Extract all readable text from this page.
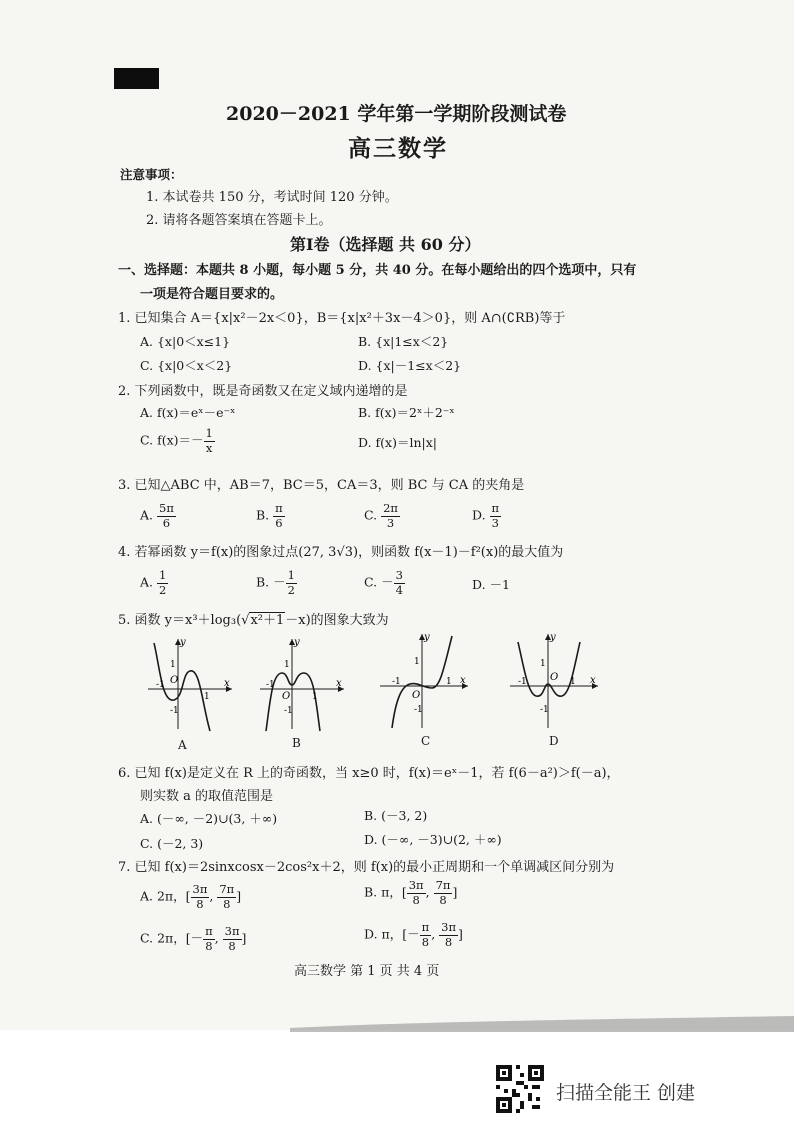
2020－2021 学年第一学期阶段测试卷
高三数学
注意事项：
1. 本试卷共 150 分，考试时间 120 分钟。
2. 请将各题答案填在答题卡上。
第Ⅰ卷（选择题 共 60 分）
一、选择题：本题共 8 小题，每小题 5 分，共 40 分。在每小题给出的四个选项中，只有
一项是符合题目要求的。
1. 已知集合 A＝{x|x²－2x＜0}，B＝{x|x²＋3x－4＞0}，则 A∩(∁RB)等于
A. {x|0＜x≤1}	B. {x|1≤x＜2}
C. {x|0＜x＜2}	D. {x|－1≤x＜2}
2. 下列函数中，既是奇函数又在定义域内递增的是
A. f(x)＝eˣ－e⁻ˣ	B. f(x)＝2ˣ＋2⁻ˣ
C. $f(x)=- \frac{1}{x}$	D. f(x)＝ln|x|
3. 已知△ABC 中，AB＝7，BC＝5，CA＝3，则 BC 与 CA 的夹角是
A. $\frac{5\pi}{6}$	B. $\frac{\pi}{6}$	C. $\frac{2\pi}{3}$	D. $\frac{\pi}{3}$
4. 若幂函数 y＝f(x)的图象过点(27, 3√3)，则函数 f(x－1)－f²(x)的最大值为
A. $\frac{1}{2}$	B. － $\frac{1}{2}$	C. － $\frac{3}{4}$	D. －1
5. 函数 y＝x³＋log₃(√x²＋1－x)的图象大致为
y
x
1
-1
-1
1
O
A
y
x
1
-1
-1
1
O
B
y
x
1
-1
-1	1
O
C
y
x
1
-1
-1	1
O
D
6. 已知 f(x)是定义在 R 上的奇函数，当 x≥0 时，f(x)＝eˣ－1，若 f(6－a²)＞f(－a)，
则实数 a 的取值范围是
A. (－∞, －2)∪(3, ＋∞)	B. (－3, 2)
C. (－2, 3)	D. (－∞, －3)∪(2, ＋∞)
7. 已知 f(x)＝2sinxcosx－2cos²x＋2，则 f(x)的最小正周期和一个单调减区间分别为
A. 2π，[ $\frac{3\pi}{8}$ , $\frac{7\pi}{8}$ ]	B. π，[ $\frac{3\pi}{8}$ , $\frac{7\pi}{8}$ ]
C. 2π，[－ $\frac{\pi}{8}$ , $\frac{3\pi}{8}$ ]	D. π，[－ $\frac{\pi}{8}$ , $\frac{3\pi}{8}$ ]
高三数学 第 1 页 共 4 页
扫描全能王 创建
